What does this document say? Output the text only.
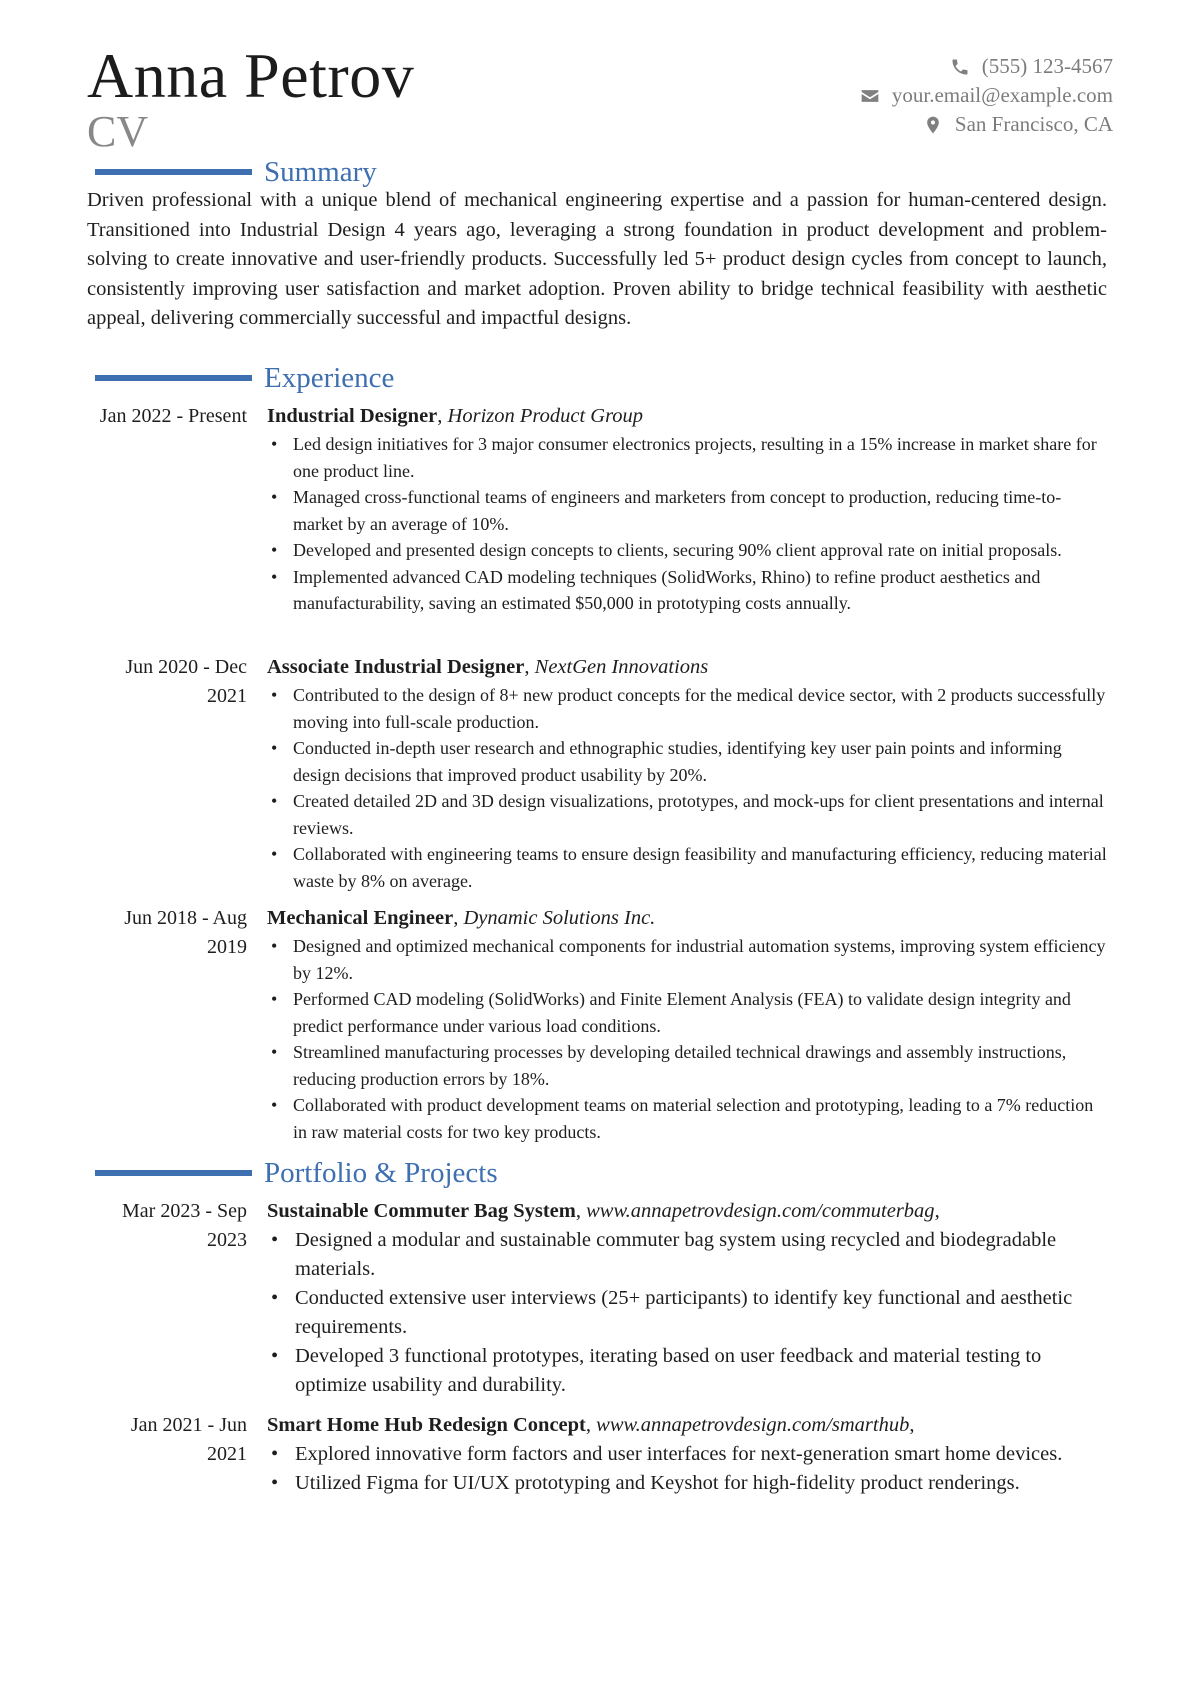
Anna Petrov
CV
(555) 123-4567
your.email@example.com
San Francisco, CA
Summary

Driven professional with a unique blend of mechanical engineering expertise and a passion for human-centered design. Transitioned into Industrial Design 4 years ago, leveraging a strong foundation in product development and problem-solving to create innovative and user-friendly products. Successfully led 5+ product design cycles from concept to launch, consistently improving user satisfaction and market adoption. Proven ability to bridge technical feasibility with aesthetic appeal, delivering commercially successful and impactful designs.

Experience
Jan 2022 - Present Industrial Designer, Horizon Product Group
• Led design initiatives for 3 major consumer electronics projects, resulting in a 15% increase in market share for one product line.
• Managed cross-functional teams of engineers and marketers from concept to production, reducing time-to-market by an average of 10%.
• Developed and presented design concepts to clients, securing 90% client approval rate on initial proposals.
• Implemented advanced CAD modeling techniques (SolidWorks, Rhino) to refine product aesthetics and manufacturability, saving an estimated $50,000 in prototyping costs annually.
Jun 2020 - Dec 2021
Associate Industrial Designer, NextGen Innovations
• Contributed to the design of 8+ new product concepts for the medical device sector, with 2 products successfully moving into full-scale production.
• Conducted in-depth user research and ethnographic studies, identifying key user pain points and informing design decisions that improved product usability by 20%.
• Created detailed 2D and 3D design visualizations, prototypes, and mock-ups for client presentations and internal reviews.
• Collaborated with engineering teams to ensure design feasibility and manufacturing efficiency, reducing material waste by 8% on average.
Jun 2018 - Aug 2019
Mechanical Engineer, Dynamic Solutions Inc.
• Designed and optimized mechanical components for industrial automation systems, improving system efficiency by 12%.
• Performed CAD modeling (SolidWorks) and Finite Element Analysis (FEA) to validate design integrity and predict performance under various load conditions.
• Streamlined manufacturing processes by developing detailed technical drawings and assembly instructions, reducing production errors by 18%.
• Collaborated with product development teams on material selection and prototyping, leading to a 7% reduction in raw material costs for two key products.
Portfolio & Projects
Mar 2023 - Sep 2023
Sustainable Commuter Bag System, www.annapetrovdesign.com/commuterbag,
• Designed a modular and sustainable commuter bag system using recycled and biodegradable materials.
• Conducted extensive user interviews (25+ participants) to identify key functional and aesthetic requirements.
• Developed 3 functional prototypes, iterating based on user feedback and material testing to optimize usability and durability.
Jan 2021 - Jun 2021
Smart Home Hub Redesign Concept, www.annapetrovdesign.com/smarthub,
• Explored innovative form factors and user interfaces for next-generation smart home devices.
• Utilized Figma for UI/UX prototyping and Keyshot for high-fidelity product renderings.
